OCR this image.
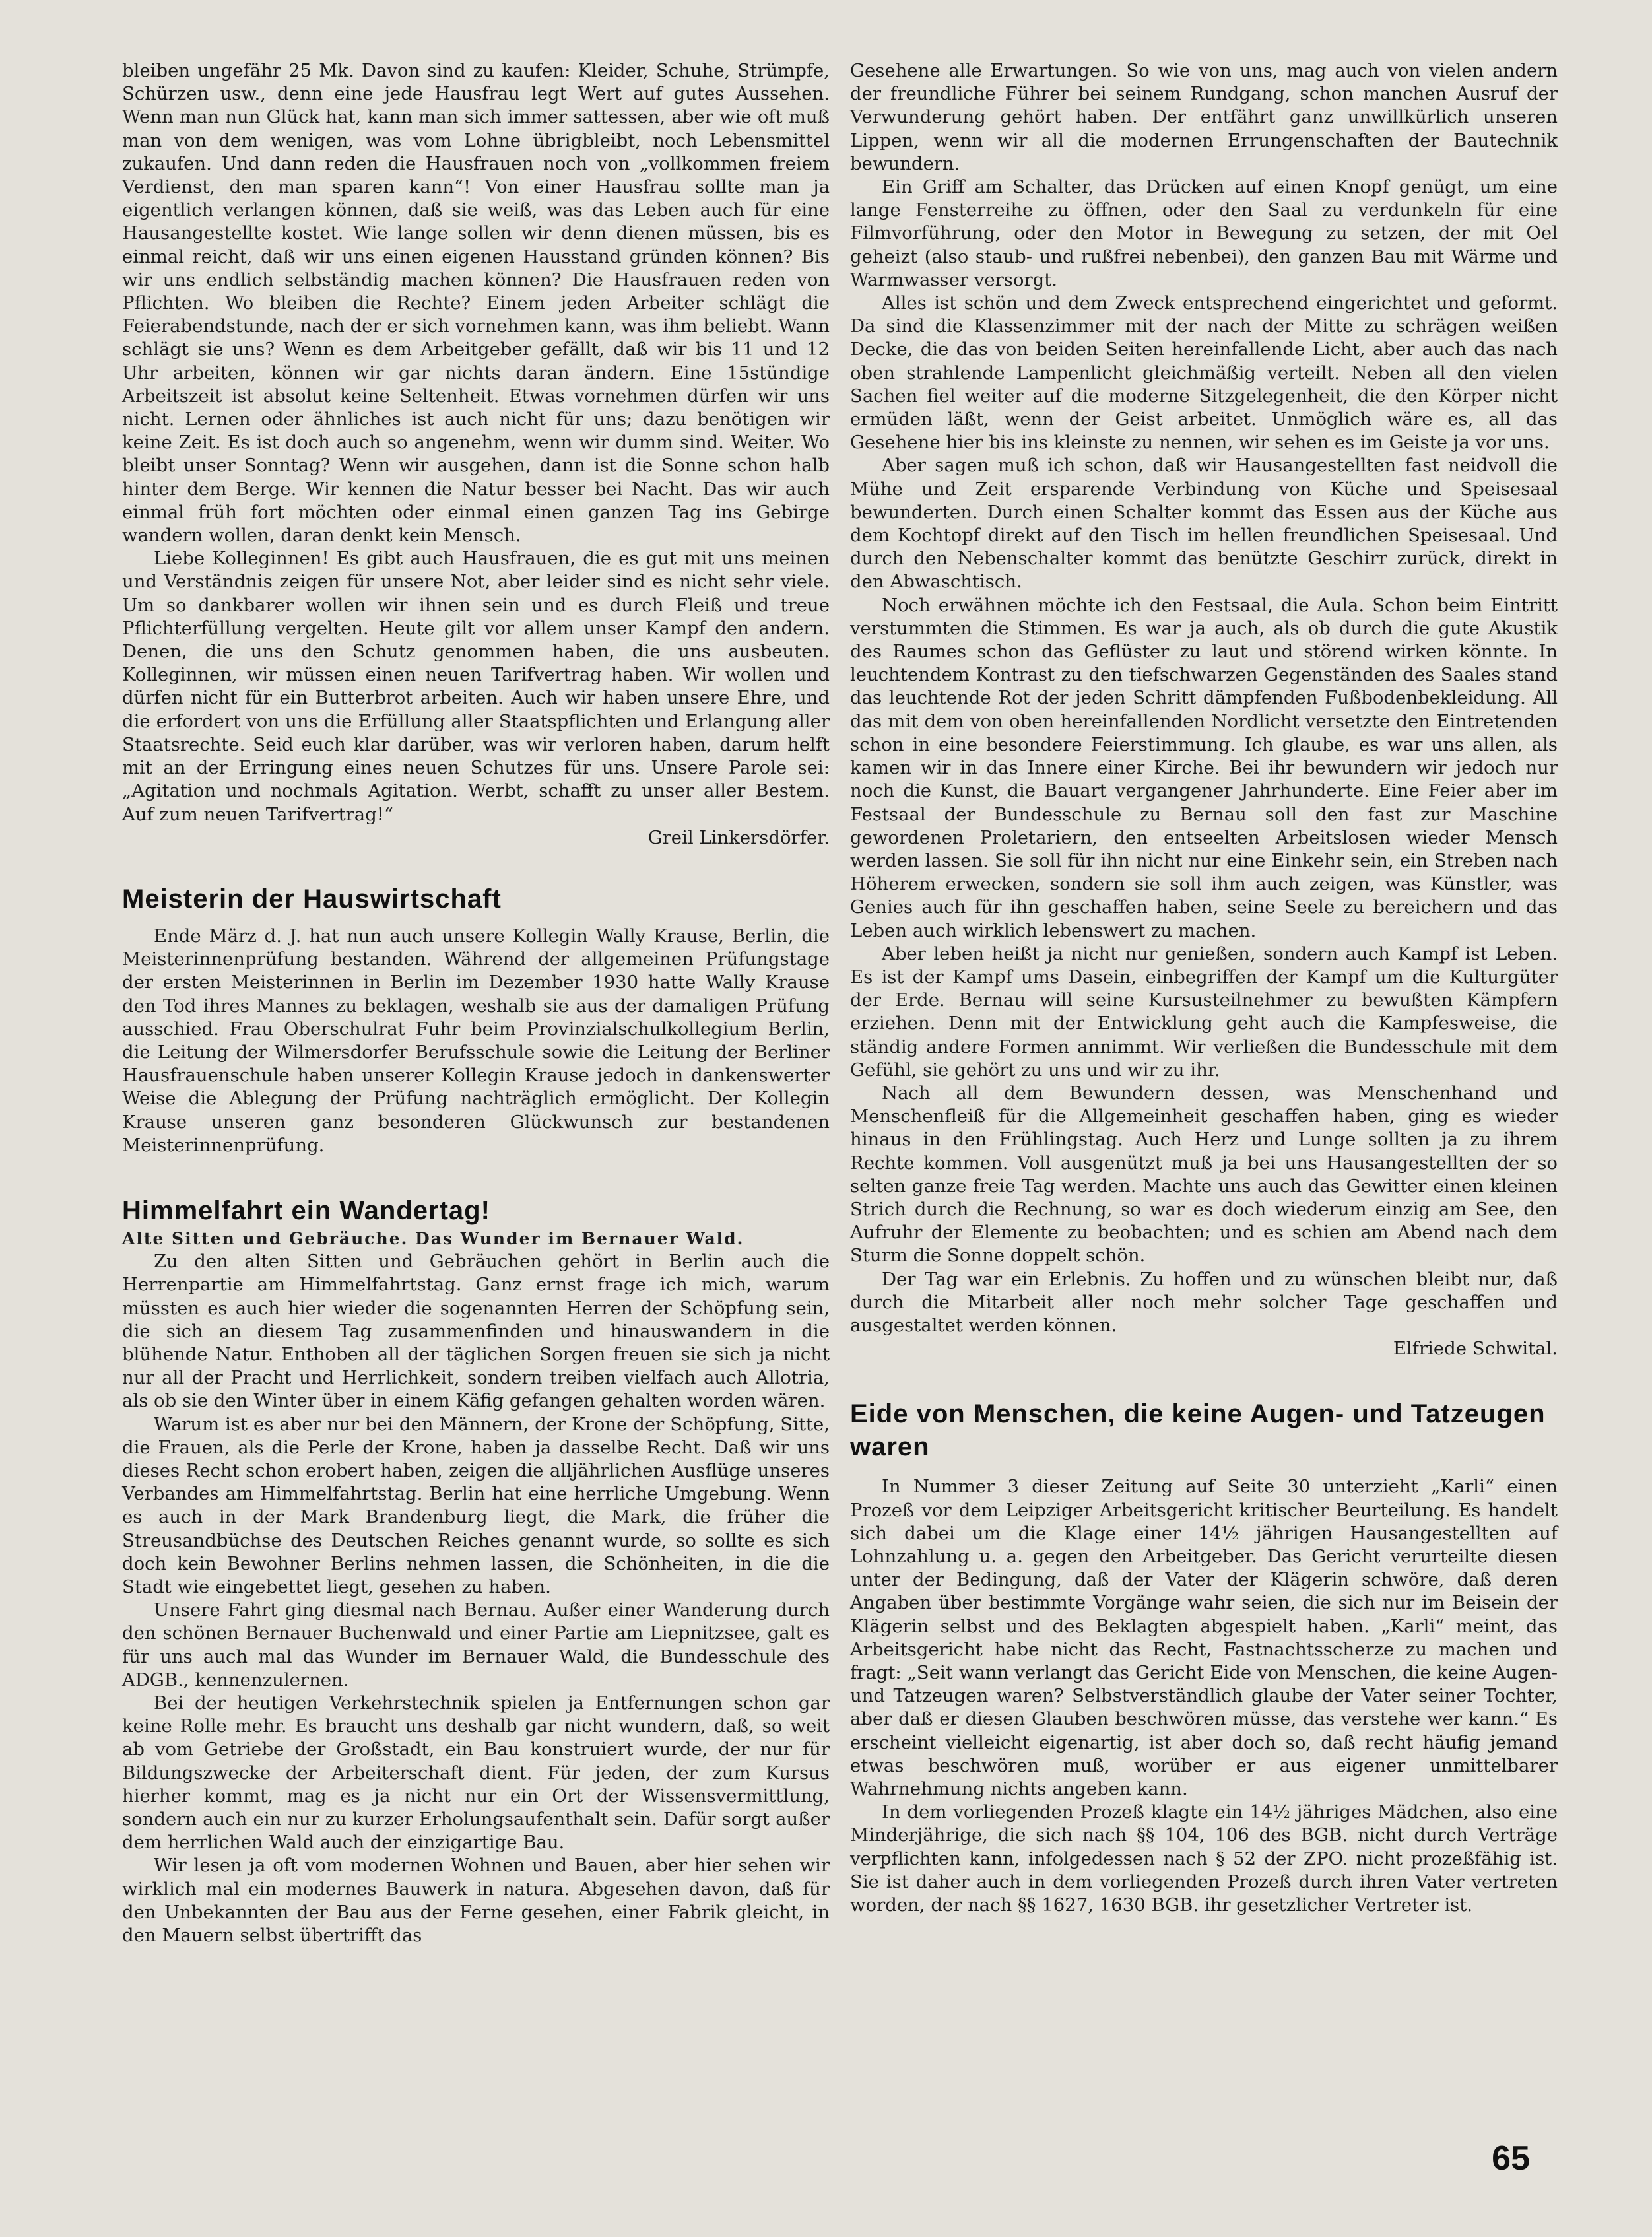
bleiben ungefähr 25 Mk. Davon sind zu kaufen: Kleider, Schuhe, Strümpfe, Schürzen usw., denn eine jede Hausfrau legt Wert auf gutes Aussehen. Wenn man nun Glück hat, kann man sich immer sattessen, aber wie oft muß man von dem wenigen, was vom Lohne übrigbleibt, noch Lebensmittel zukaufen. Und dann reden die Hausfrauen noch von „vollkommen freiem Verdienst, den man sparen kann“! Von einer Hausfrau sollte man ja eigentlich verlangen können, daß sie weiß, was das Leben auch für eine Hausangestellte kostet. Wie lange sollen wir denn dienen müssen, bis es einmal reicht, daß wir uns einen eigenen Hausstand gründen können? Bis wir uns endlich selbständig machen können? Die Hausfrauen reden von Pflichten. Wo bleiben die Rechte? Einem jeden Arbeiter schlägt die Feierabendstunde, nach der er sich vornehmen kann, was ihm beliebt. Wann schlägt sie uns? Wenn es dem Arbeitgeber gefällt, daß wir bis 11 und 12 Uhr arbeiten, können wir gar nichts daran ändern. Eine 15stündige Arbeitszeit ist absolut keine Seltenheit. Etwas vornehmen dürfen wir uns nicht. Lernen oder ähnliches ist auch nicht für uns; dazu benötigen wir keine Zeit. Es ist doch auch so angenehm, wenn wir dumm sind. Weiter. Wo bleibt unser Sonntag? Wenn wir ausgehen, dann ist die Sonne schon halb hinter dem Berge. Wir kennen die Natur besser bei Nacht. Das wir auch einmal früh fort möchten oder einmal einen ganzen Tag ins Gebirge wandern wollen, daran denkt kein Mensch.

Liebe Kolleginnen! Es gibt auch Hausfrauen, die es gut mit uns meinen und Verständnis zeigen für unsere Not, aber leider sind es nicht sehr viele. Um so dankbarer wollen wir ihnen sein und es durch Fleiß und treue Pflichterfüllung vergelten. Heute gilt vor allem unser Kampf den andern. Denen, die uns den Schutz genommen haben, die uns ausbeuten. Kolleginnen, wir müssen einen neuen Tarifvertrag haben. Wir wollen und dürfen nicht für ein Butterbrot arbeiten. Auch wir haben unsere Ehre, und die erfordert von uns die Erfüllung aller Staatspflichten und Erlangung aller Staatsrechte. Seid euch klar darüber, was wir verloren haben, darum helft mit an der Erringung eines neuen Schutzes für uns. Unsere Parole sei: „Agitation und nochmals Agitation. Werbt, schafft zu unser aller Bestem. Auf zum neuen Tarifvertrag!“

Greil Linkersdörfer.

Meisterin der Hauswirtschaft

Ende März d. J. hat nun auch unsere Kollegin Wally Krause, Berlin, die Meisterinnenprüfung bestanden. Während der allgemeinen Prüfungstage der ersten Meisterinnen in Berlin im Dezember 1930 hatte Wally Krause den Tod ihres Mannes zu beklagen, weshalb sie aus der damaligen Prüfung ausschied. Frau Oberschulrat Fuhr beim Provinzialschulkollegium Berlin, die Leitung der Wilmersdorfer Berufsschule sowie die Leitung der Berliner Hausfrauenschule haben unserer Kollegin Krause jedoch in dankenswerter Weise die Ablegung der Prüfung nachträglich ermöglicht. Der Kollegin Krause unseren ganz besonderen Glückwunsch zur bestandenen Meisterinnenprüfung.

Himmelfahrt ein Wandertag!

Alte Sitten und Gebräuche. Das Wunder im Bernauer Wald.

Zu den alten Sitten und Gebräuchen gehört in Berlin auch die Herrenpartie am Himmelfahrtstag. Ganz ernst frage ich mich, warum müssten es auch hier wieder die sogenannten Herren der Schöpfung sein, die sich an diesem Tag zusammenfinden und hinauswandern in die blühende Natur. Enthoben all der täglichen Sorgen freuen sie sich ja nicht nur all der Pracht und Herrlichkeit, sondern treiben vielfach auch Allotria, als ob sie den Winter über in einem Käfig gefangen gehalten worden wären.

Warum ist es aber nur bei den Männern, der Krone der Schöpfung, Sitte, die Frauen, als die Perle der Krone, haben ja dasselbe Recht. Daß wir uns dieses Recht schon erobert haben, zeigen die alljährlichen Ausflüge unseres Verbandes am Himmelfahrtstag. Berlin hat eine herrliche Umgebung. Wenn es auch in der Mark Brandenburg liegt, die Mark, die früher die Streusandbüchse des Deutschen Reiches genannt wurde, so sollte es sich doch kein Bewohner Berlins nehmen lassen, die Schönheiten, in die die Stadt wie eingebettet liegt, gesehen zu haben.

Unsere Fahrt ging diesmal nach Bernau. Außer einer Wanderung durch den schönen Bernauer Buchenwald und einer Partie am Liepnitzsee, galt es für uns auch mal das Wunder im Bernauer Wald, die Bundesschule des ADGB., kennenzulernen.

Bei der heutigen Verkehrstechnik spielen ja Entfernungen schon gar keine Rolle mehr. Es braucht uns deshalb gar nicht wundern, daß, so weit ab vom Getriebe der Großstadt, ein Bau konstruiert wurde, der nur für Bildungszwecke der Arbeiterschaft dient. Für jeden, der zum Kursus hierher kommt, mag es ja nicht nur ein Ort der Wissensvermittlung, sondern auch ein nur zu kurzer Erholungsaufenthalt sein. Dafür sorgt außer dem herrlichen Wald auch der einzigartige Bau.

Wir lesen ja oft vom modernen Wohnen und Bauen, aber hier sehen wir wirklich mal ein modernes Bauwerk in natura. Abgesehen davon, daß für den Unbekannten der Bau aus der Ferne gesehen, einer Fabrik gleicht, in den Mauern selbst übertrifft das

Gesehene alle Erwartungen. So wie von uns, mag auch von vielen andern der freundliche Führer bei seinem Rundgang, schon manchen Ausruf der Verwunderung gehört haben. Der entfährt ganz unwillkürlich unseren Lippen, wenn wir all die modernen Errungenschaften der Bautechnik bewundern.

Ein Griff am Schalter, das Drücken auf einen Knopf genügt, um eine lange Fensterreihe zu öffnen, oder den Saal zu verdunkeln für eine Filmvorführung, oder den Motor in Bewegung zu setzen, der mit Oel geheizt (also staub- und rußfrei nebenbei), den ganzen Bau mit Wärme und Warmwasser versorgt.

Alles ist schön und dem Zweck entsprechend eingerichtet und geformt. Da sind die Klassenzimmer mit der nach der Mitte zu schrägen weißen Decke, die das von beiden Seiten hereinfallende Licht, aber auch das nach oben strahlende Lampenlicht gleichmäßig verteilt. Neben all den vielen Sachen fiel weiter auf die moderne Sitzgelegenheit, die den Körper nicht ermüden läßt, wenn der Geist arbeitet. Unmöglich wäre es, all das Gesehene hier bis ins kleinste zu nennen, wir sehen es im Geiste ja vor uns.

Aber sagen muß ich schon, daß wir Hausangestellten fast neidvoll die Mühe und Zeit ersparende Verbindung von Küche und Speisesaal bewunderten. Durch einen Schalter kommt das Essen aus der Küche aus dem Kochtopf direkt auf den Tisch im hellen freundlichen Speisesaal. Und durch den Nebenschalter kommt das benützte Geschirr zurück, direkt in den Abwaschtisch.

Noch erwähnen möchte ich den Festsaal, die Aula. Schon beim Eintritt verstummten die Stimmen. Es war ja auch, als ob durch die gute Akustik des Raumes schon das Geflüster zu laut und störend wirken könnte. In leuchtendem Kontrast zu den tiefschwarzen Gegenständen des Saales stand das leuchtende Rot der jeden Schritt dämpfenden Fußbodenbekleidung. All das mit dem von oben hereinfallenden Nordlicht versetzte den Eintretenden schon in eine besondere Feierstimmung. Ich glaube, es war uns allen, als kamen wir in das Innere einer Kirche. Bei ihr bewundern wir jedoch nur noch die Kunst, die Bauart vergangener Jahrhunderte. Eine Feier aber im Festsaal der Bundesschule zu Bernau soll den fast zur Maschine gewordenen Proletariern, den entseelten Arbeitslosen wieder Mensch werden lassen. Sie soll für ihn nicht nur eine Einkehr sein, ein Streben nach Höherem erwecken, sondern sie soll ihm auch zeigen, was Künstler, was Genies auch für ihn geschaffen haben, seine Seele zu bereichern und das Leben auch wirklich lebenswert zu machen.

Aber leben heißt ja nicht nur genießen, sondern auch Kampf ist Leben. Es ist der Kampf ums Dasein, einbegriffen der Kampf um die Kulturgüter der Erde. Bernau will seine Kursusteilnehmer zu bewußten Kämpfern erziehen. Denn mit der Entwicklung geht auch die Kampfesweise, die ständig andere Formen annimmt. Wir verließen die Bundesschule mit dem Gefühl, sie gehört zu uns und wir zu ihr.

Nach all dem Bewundern dessen, was Menschenhand und Menschenfleiß für die Allgemeinheit geschaffen haben, ging es wieder hinaus in den Frühlingstag. Auch Herz und Lunge sollten ja zu ihrem Rechte kommen. Voll ausgenützt muß ja bei uns Hausangestellten der so selten ganze freie Tag werden. Machte uns auch das Gewitter einen kleinen Strich durch die Rechnung, so war es doch wiederum einzig am See, den Aufruhr der Elemente zu beobachten; und es schien am Abend nach dem Sturm die Sonne doppelt schön.

Der Tag war ein Erlebnis. Zu hoffen und zu wünschen bleibt nur, daß durch die Mitarbeit aller noch mehr solcher Tage geschaffen und ausgestaltet werden können.

Elfriede Schwital.

Eide von Menschen, die keine Augen- und Tatzeugen waren

In Nummer 3 dieser Zeitung auf Seite 30 unterzieht „Karli“ einen Prozeß vor dem Leipziger Arbeitsgericht kritischer Beurteilung. Es handelt sich dabei um die Klage einer 14½ jährigen Hausangestellten auf Lohnzahlung u. a. gegen den Arbeitgeber. Das Gericht verurteilte diesen unter der Bedingung, daß der Vater der Klägerin schwöre, daß deren Angaben über bestimmte Vorgänge wahr seien, die sich nur im Beisein der Klägerin selbst und des Beklagten abgespielt haben. „Karli“ meint, das Arbeitsgericht habe nicht das Recht, Fastnachtsscherze zu machen und fragt: „Seit wann verlangt das Gericht Eide von Menschen, die keine Augen- und Tatzeugen waren? Selbstverständlich glaube der Vater seiner Tochter, aber daß er diesen Glauben beschwören müsse, das verstehe wer kann.“ Es erscheint vielleicht eigenartig, ist aber doch so, daß recht häufig jemand etwas beschwören muß, worüber er aus eigener unmittelbarer Wahrnehmung nichts angeben kann.

In dem vorliegenden Prozeß klagte ein 14½ jähriges Mädchen, also eine Minderjährige, die sich nach §§ 104, 106 des BGB. nicht durch Verträge verpflichten kann, infolgedessen nach § 52 der ZPO. nicht prozeßfähig ist. Sie ist daher auch in dem vorliegenden Prozeß durch ihren Vater vertreten worden, der nach §§ 1627, 1630 BGB. ihr gesetzlicher Vertreter ist.

65
